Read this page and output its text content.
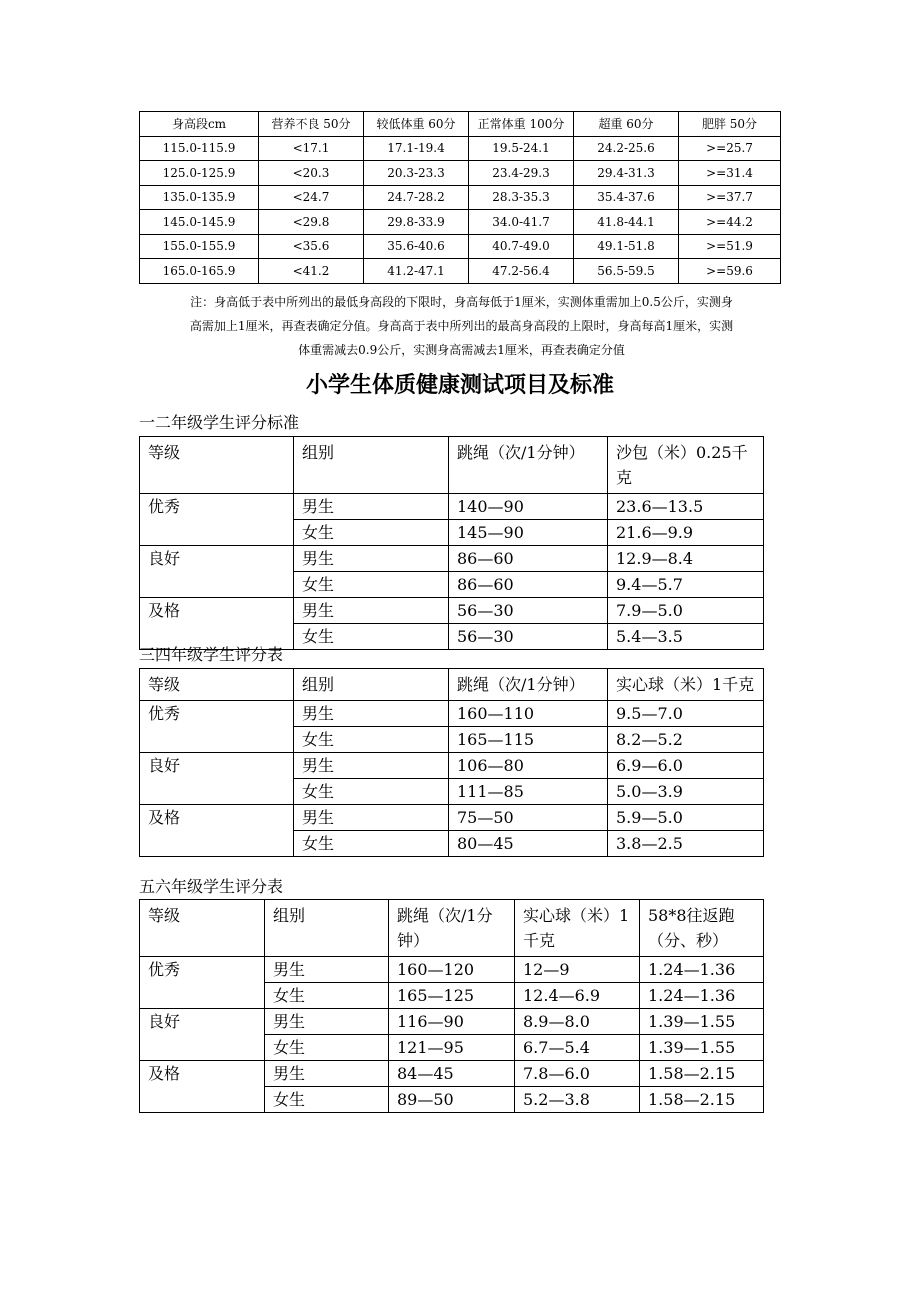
身高段cm	营养不良 50分	较低体重 60分	正常体重 100分	超重 60分	肥胖 50分
115.0-115.9	<17.1	17.1-19.4	19.5-24.1	24.2-25.6	>=25.7
125.0-125.9	<20.3	20.3-23.3	23.4-29.3	29.4-31.3	>=31.4
135.0-135.9	<24.7	24.7-28.2	28.3-35.3	35.4-37.6	>=37.7
145.0-145.9	<29.8	29.8-33.9	34.0-41.7	41.8-44.1	>=44.2
155.0-155.9	<35.6	35.6-40.6	40.7-49.0	49.1-51.8	>=51.9
165.0-165.9	<41.2	41.2-47.1	47.2-56.4	56.5-59.5	>=59.6
注：身高低于表中所列出的最低身高段的下限时，身高每低于1厘米，实测体重需加上0.5公斤，实测身
高需加上1厘米，再查表确定分值。身高高于表中所列出的最高身高段的上限时，身高每高1厘米，实测
体重需减去0.9公斤，实测身高需减去1厘米，再查表确定分值
小学生体质健康测试项目及标准
一二年级学生评分标准
等级	组别	跳绳（次/1分钟）	沙包（米）0.25千克
优秀	男生	140—90	23.6—13.5
	女生	145—90	21.6—9.9
良好	男生	86—60	12.9—8.4
	女生	86—60	9.4—5.7
及格	男生	56—30	7.9—5.0
	女生	56—30	5.4—3.5
三四年级学生评分表
等级	组别	跳绳（次/1分钟）	实心球（米）1千克
优秀	男生	160—110	9.5—7.0
	女生	165—115	8.2—5.2
良好	男生	106—80	6.9—6.0
	女生	111—85	5.0—3.9
及格	男生	75—50	5.9—5.0
	女生	80—45	3.8—2.5
五六年级学生评分表
等级	组别	跳绳（次/1分钟）	实心球（米）1千克	58*8往返跑（分、秒）
优秀	男生	160—120	12—9	1.24—1.36
	女生	165—125	12.4—6.9	1.24—1.36
良好	男生	116—90	8.9—8.0	1.39—1.55
	女生	121—95	6.7—5.4	1.39—1.55
及格	男生	84—45	7.8—6.0	1.58—2.15
	女生	89—50	5.2—3.8	1.58—2.15
